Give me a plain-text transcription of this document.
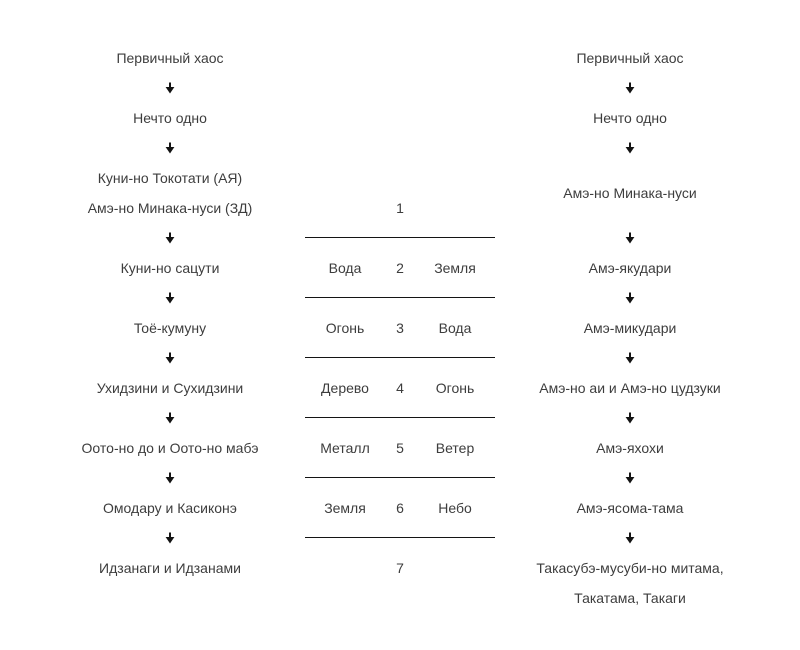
Первичный хаос
Нечто одно
Куни-но Токотати (АЯ)
Амэ-но Минака-нуси (ЗД)
Куни-но сацути
Тоё-кумуну
Ухидзини и Сухидзини
Оото-но до и Оото-но мабэ
Омодару и Касиконэ
Идзанаги и Идзанами
1
Вода	2	Земля
Огонь	3	Вода
Дерево	4	Огонь
Металл	5	Ветер
Земля	6	Небо
7
Первичный хаос
Нечто одно
Амэ-но Минака-нуси
Амэ-якудари
Амэ-микудари
Амэ-но аи и Амэ-но цудзуки
Амэ-яхохи
Амэ-ясома-тама
Такасубэ-мусуби-но митама,
Такатама, Такаги
